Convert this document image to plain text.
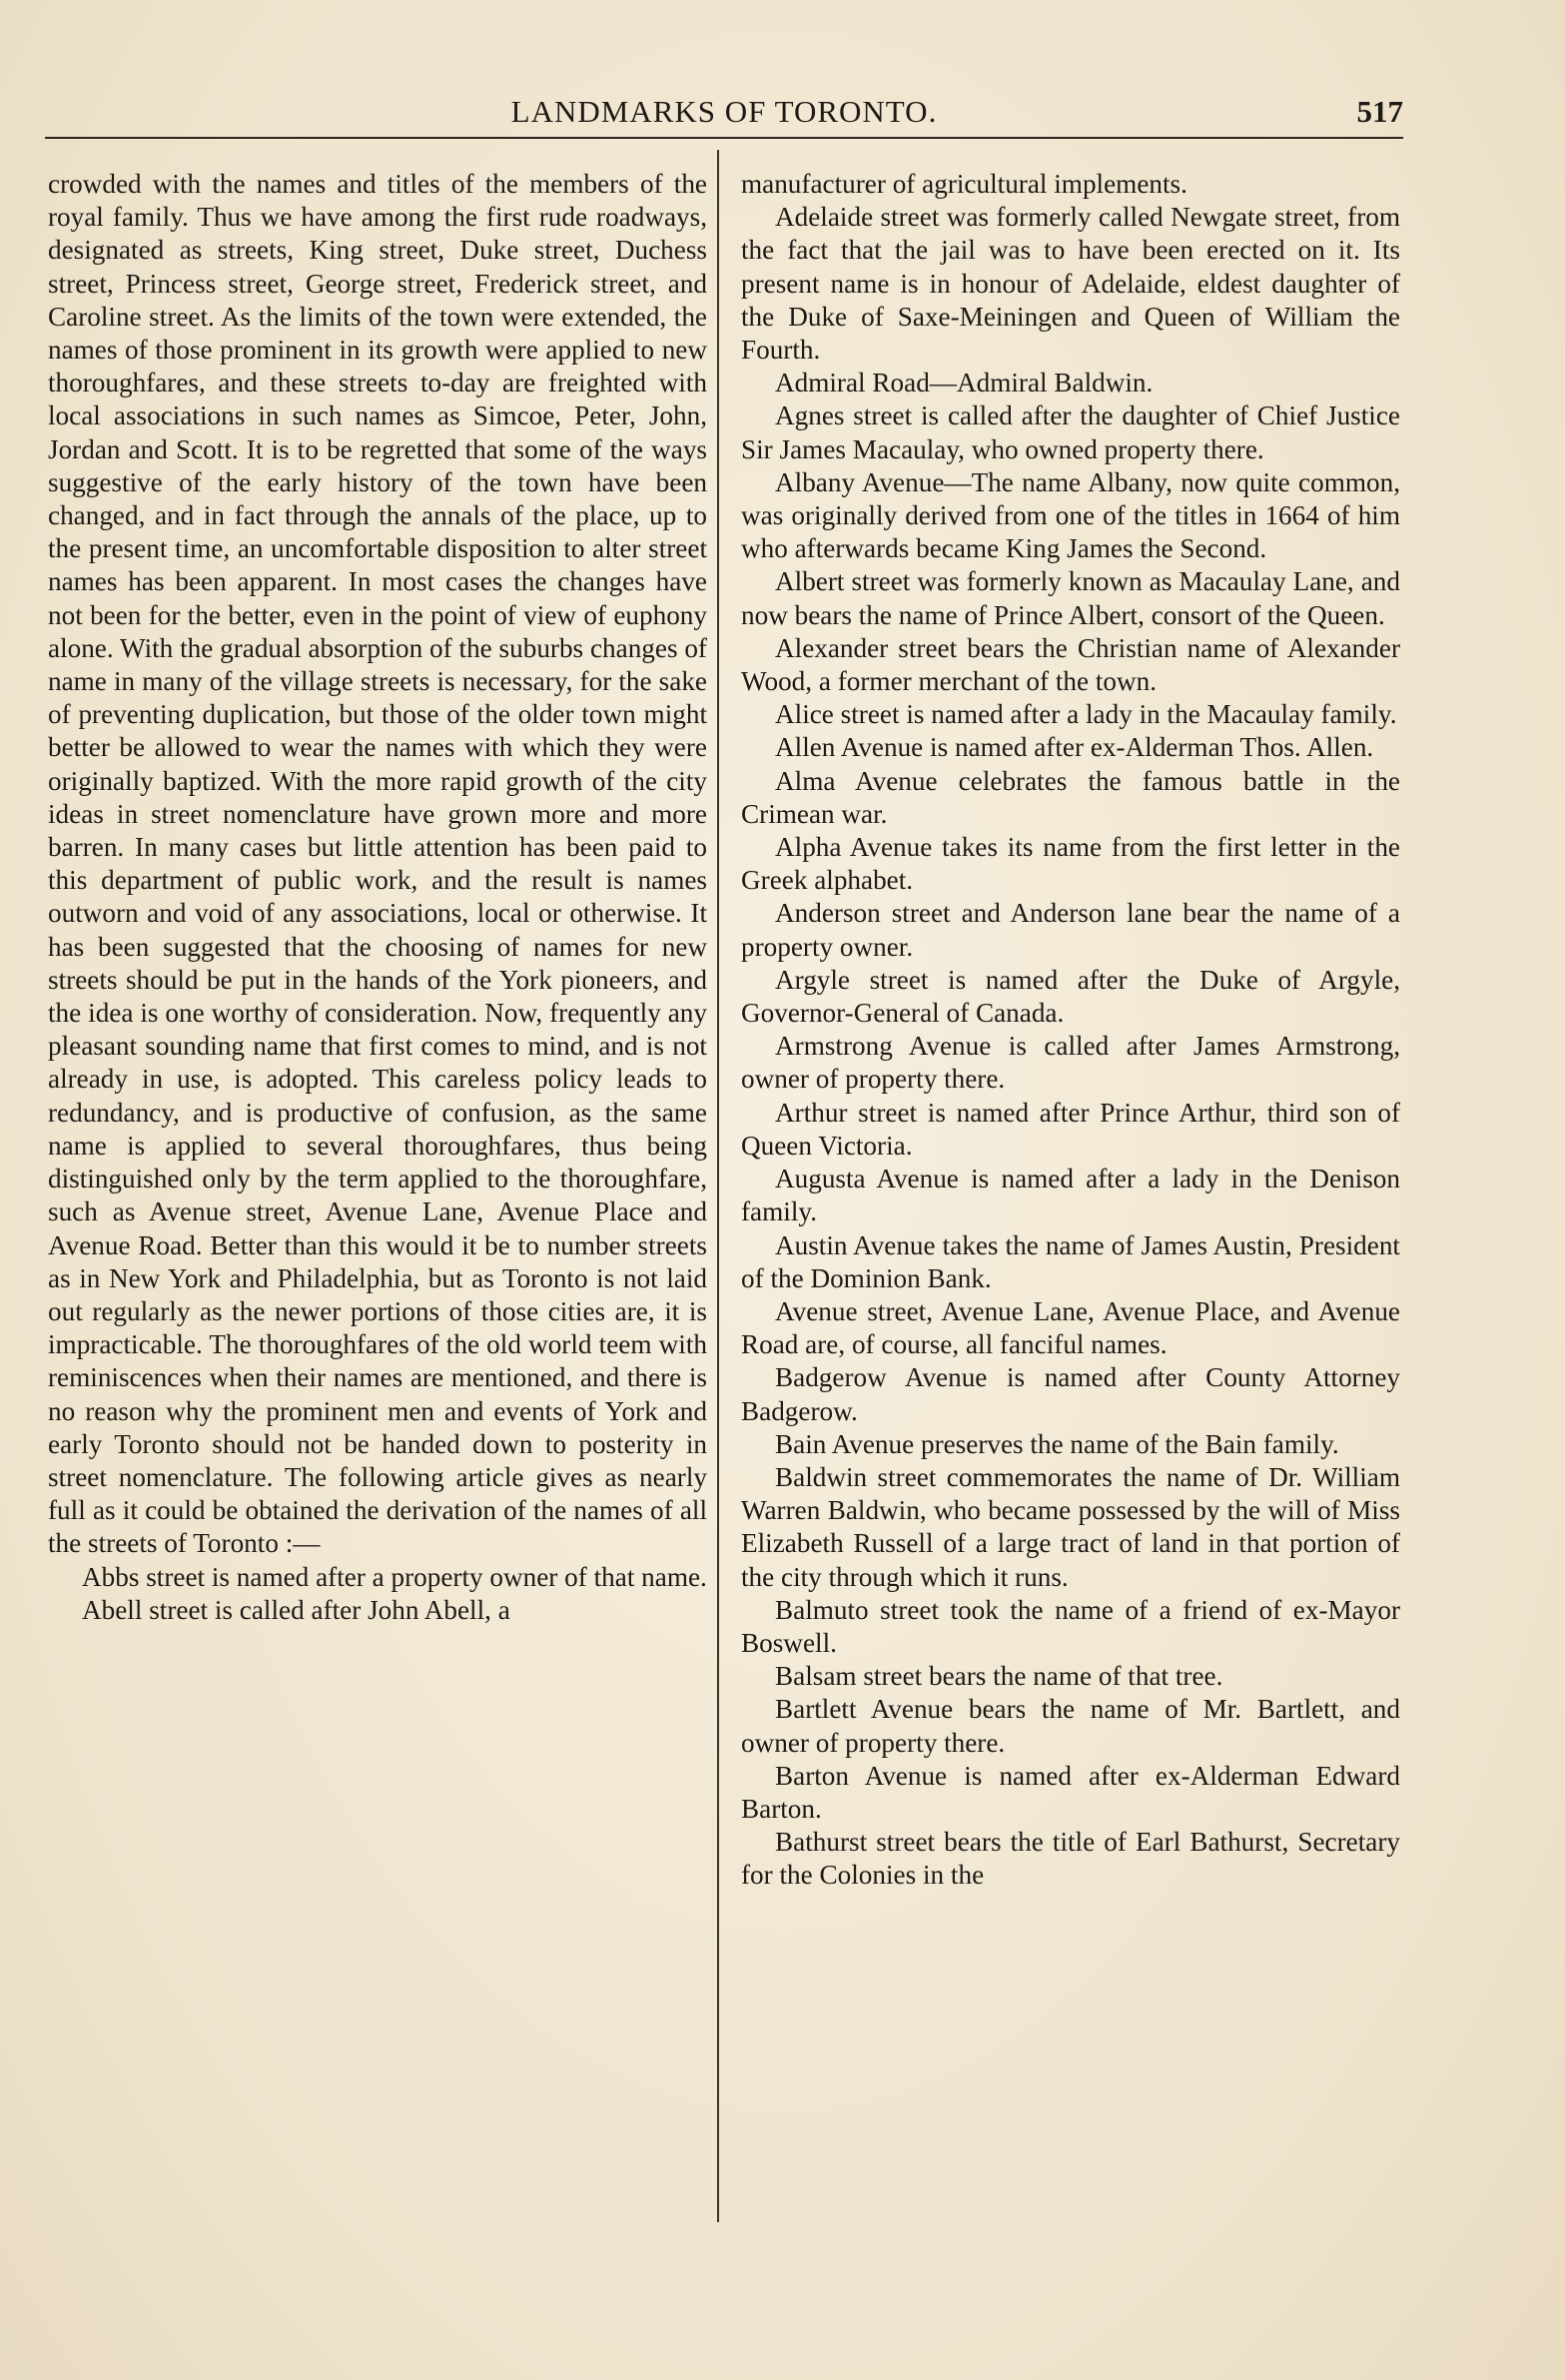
LANDMARKS OF TORONTO.	517

crowded with the names and titles of the members of the royal family. Thus we have among the first rude roadways, designated as streets, King street, Duke street, Duchess street, Princess street, George street, Frederick street, and Caroline street. As the limits of the town were extended, the names of those prominent in its growth were applied to new thoroughfares, and these streets to-day are freighted with local associations in such names as Simcoe, Peter, John, Jordan and Scott. It is to be regretted that some of the ways suggestive of the early history of the town have been changed, and in fact through the annals of the place, up to the present time, an uncomfortable disposition to alter street names has been apparent. In most cases the changes have not been for the better, even in the point of view of euphony alone. With the gradual absorption of the suburbs changes of name in many of the village streets is necessary, for the sake of preventing duplication, but those of the older town might better be allowed to wear the names with which they were originally baptized. With the more rapid growth of the city ideas in street nomenclature have grown more and more barren. In many cases but little attention has been paid to this department of public work, and the result is names outworn and void of any associations, local or otherwise. It has been suggested that the choosing of names for new streets should be put in the hands of the York pioneers, and the idea is one worthy of consideration. Now, frequently any pleasant sounding name that first comes to mind, and is not already in use, is adopted. This careless policy leads to redundancy, and is productive of confusion, as the same name is applied to several thoroughfares, thus being distinguished only by the term applied to the thoroughfare, such as Avenue street, Avenue Lane, Avenue Place and Avenue Road. Better than this would it be to number streets as in New York and Philadelphia, but as Toronto is not laid out regularly as the newer portions of those cities are, it is impracticable. The thoroughfares of the old world teem with reminiscences when their names are mentioned, and there is no reason why the prominent men and events of York and early Toronto should not be handed down to posterity in street nomenclature. The following article gives as nearly full as it could be obtained the derivation of the names of all the streets of Toronto :—

Abbs street is named after a property owner of that name.

Abell street is called after John Abell, a

manufacturer of agricultural implements.

Adelaide street was formerly called Newgate street, from the fact that the jail was to have been erected on it. Its present name is in honour of Adelaide, eldest daughter of the Duke of Saxe-Meiningen and Queen of William the Fourth.

Admiral Road—Admiral Baldwin.

Agnes street is called after the daughter of Chief Justice Sir James Macaulay, who owned property there.

Albany Avenue—The name Albany, now quite common, was originally derived from one of the titles in 1664 of him who afterwards became King James the Second.

Albert street was formerly known as Macaulay Lane, and now bears the name of Prince Albert, consort of the Queen.

Alexander street bears the Christian name of Alexander Wood, a former merchant of the town.

Alice street is named after a lady in the Macaulay family.

Allen Avenue is named after ex-Alderman Thos. Allen.

Alma Avenue celebrates the famous battle in the Crimean war.

Alpha Avenue takes its name from the first letter in the Greek alphabet.

Anderson street and Anderson lane bear the name of a property owner.

Argyle street is named after the Duke of Argyle, Governor-General of Canada.

Armstrong Avenue is called after James Armstrong, owner of property there.

Arthur street is named after Prince Arthur, third son of Queen Victoria.

Augusta Avenue is named after a lady in the Denison family.

Austin Avenue takes the name of James Austin, President of the Dominion Bank.

Avenue street, Avenue Lane, Avenue Place, and Avenue Road are, of course, all fanciful names.

Badgerow Avenue is named after County Attorney Badgerow.

Bain Avenue preserves the name of the Bain family.

Baldwin street commemorates the name of Dr. William Warren Baldwin, who became possessed by the will of Miss Elizabeth Russell of a large tract of land in that portion of the city through which it runs.

Balmuto street took the name of a friend of ex-Mayor Boswell.

Balsam street bears the name of that tree.

Bartlett Avenue bears the name of Mr. Bartlett, and owner of property there.

Barton Avenue is named after ex-Alderman Edward Barton.

Bathurst street bears the title of Earl Bathurst, Secretary for the Colonies in the
